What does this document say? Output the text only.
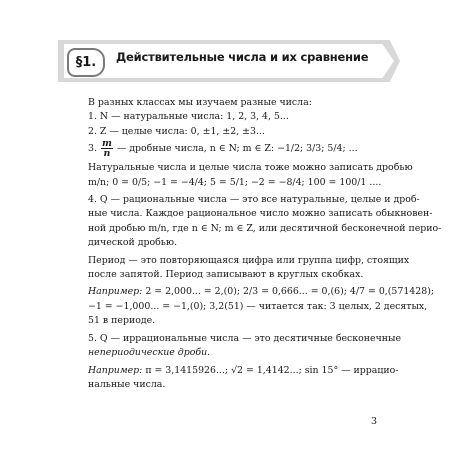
§1. Действительные числа и их сравнение
В разных классах мы изучаем разные числа:
1. N — натуральные числа: 1, 2, 3, 4, 5...
2. Z — целые числа: 0, ±1, ±2, ±3...
3. $\frac{m}{n}$ — дробные числа, n ∈ N; m ∈ Z: −1/2; 3/3; 5/4; ...
Натуральные числа и целые числа тоже можно записать дробью
m/n; 0 = 0/5; −1 = −4/4; 5 = 5/1; −2 = −8/4; 100 = 100/1 ....
4. Q — рациональные числа — это все натуральные, целые и дроб-
ные числа. Каждое рациональное число можно записать обыкновен-
ной дробью m/n, где n ∈ N; m ∈ Z, или десятичной бесконечной перио-
дической дробью.
Период — это повторяющаяся цифра или группа цифр, стоящих
после запятой. Период записывают в круглых скобках.
Например: 2 = 2,000... = 2,(0); 2/3 = 0,666... = 0,(6); 4/7 = 0,(571428);
−1 = −1,000... = −1,(0); 3,2(51) — читается так: 3 целых, 2 десятых,
51 в периоде.
5. Q — иррациональные числа — это десятичные бесконечные
непериодические дроби.
Например: π = 3,1415926...; √2 = 1,4142...; sin 15° — иррацио-
нальные числа.
3
